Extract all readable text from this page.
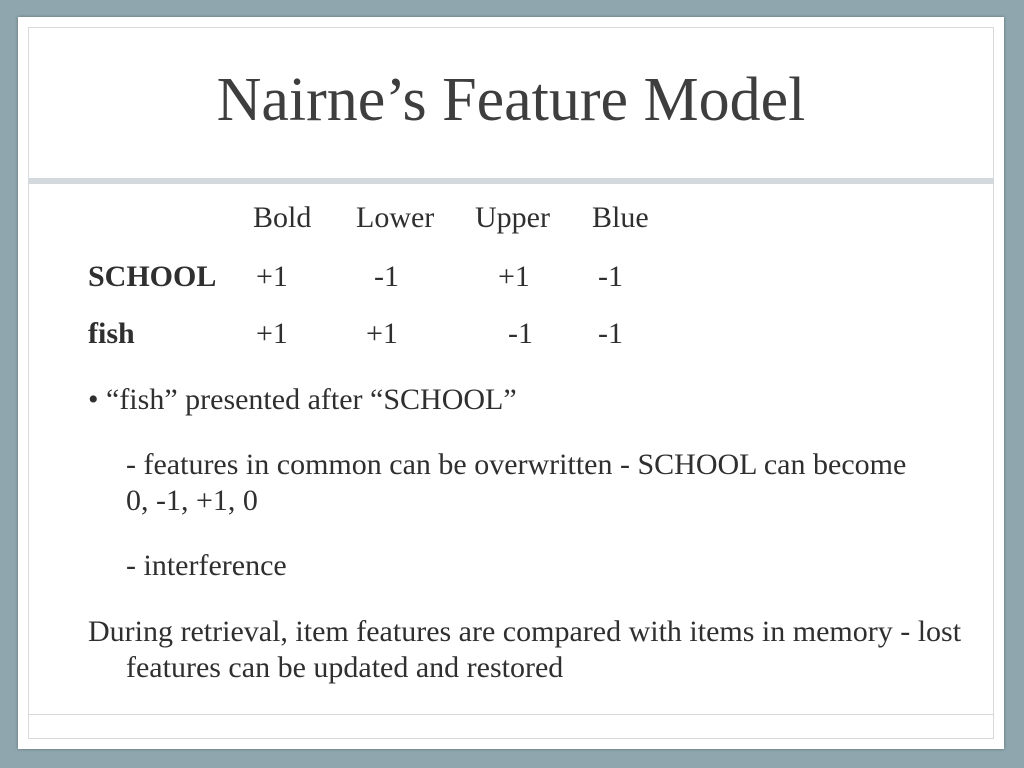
Nairne’s Feature Model
Bold Lower Upper Blue
SCHOOL +1	-1	+1 -1
fish	+1	+1	-1 -1
• “fish” presented after “SCHOOL”
- features in common can be overwritten - SCHOOL can become 0, -1, +1, 0
- interference
During retrieval, item features are compared with items in memory - lost features can be updated and restored
